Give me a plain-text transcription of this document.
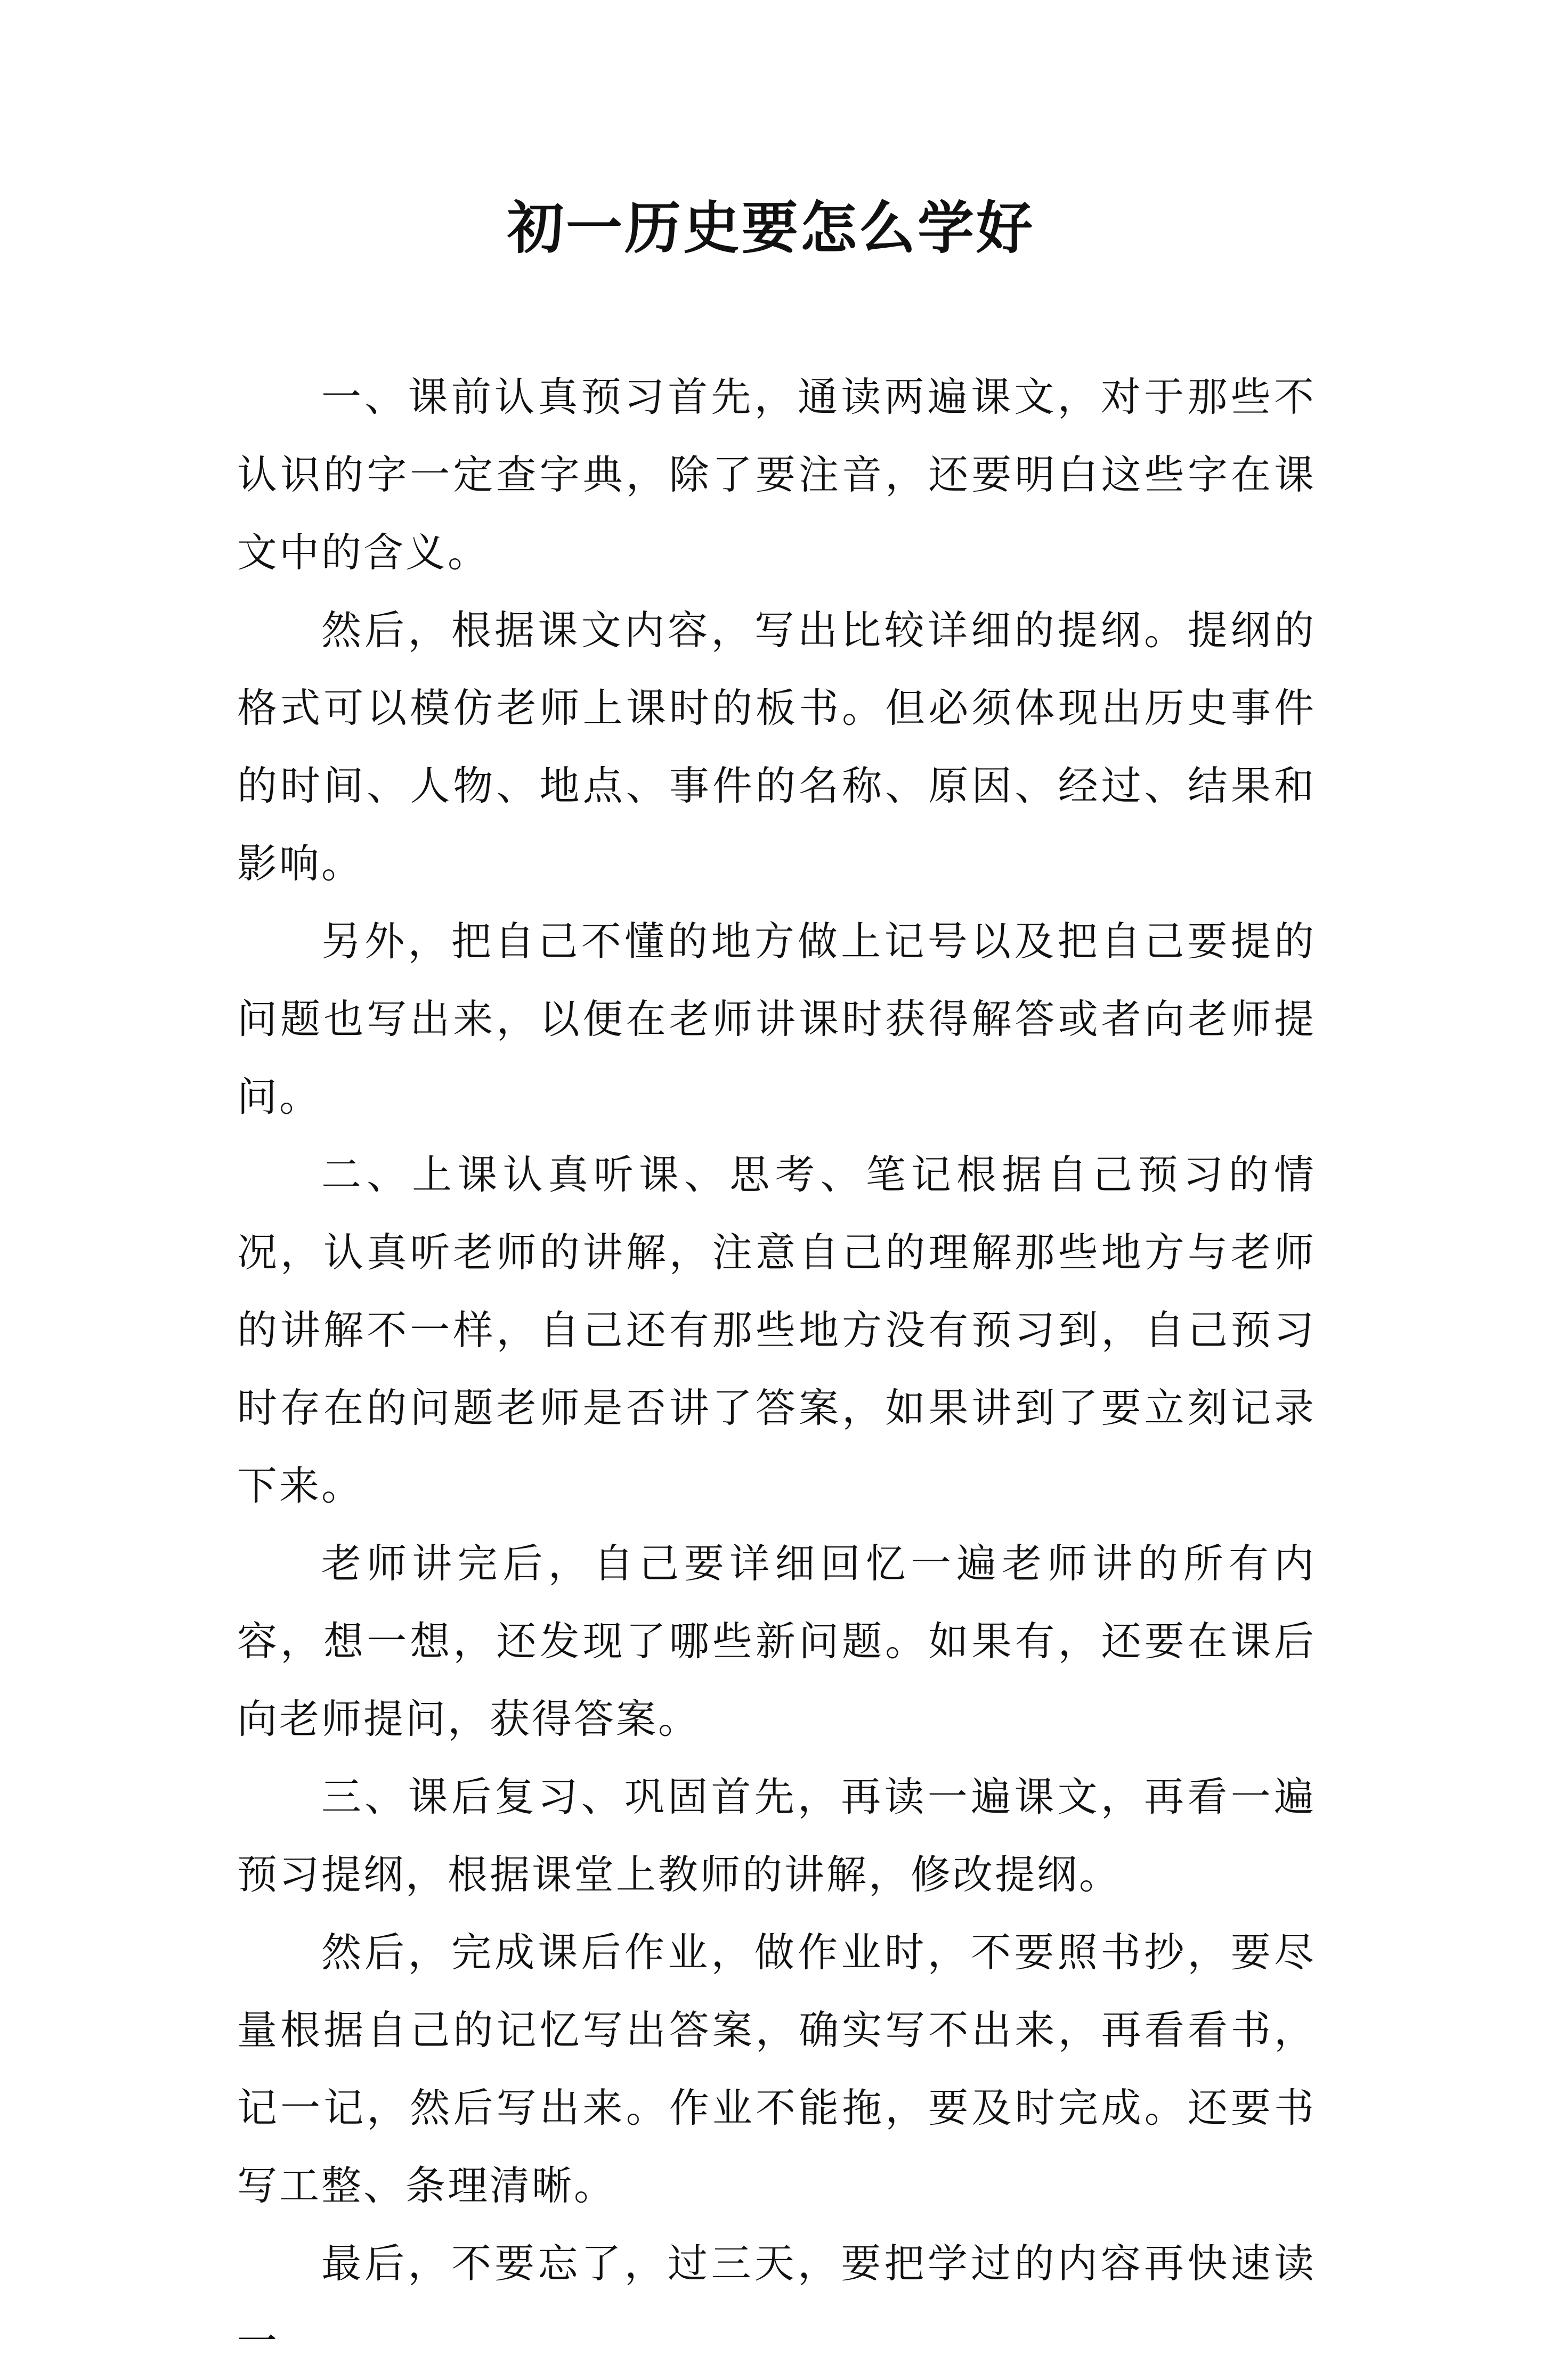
初一历史要怎么学好

一、课前认真预习首先，通读两遍课文，对于那些不认识的字一定查字典，除了要注音，还要明白这些字在课文中的含义。

然后，根据课文内容，写出比较详细的提纲。提纲的格式可以模仿老师上课时的板书。但必须体现出历史事件的时间、人物、地点、事件的名称、原因、经过、结果和影响。

另外，把自己不懂的地方做上记号以及把自己要提的问题也写出来，以便在老师讲课时获得解答或者向老师提问。

二、上课认真听课、思考、笔记根据自己预习的情况，认真听老师的讲解，注意自己的理解那些地方与老师的讲解不一样，自己还有那些地方没有预习到，自己预习时存在的问题老师是否讲了答案，如果讲到了要立刻记录下来。

老师讲完后，自己要详细回忆一遍老师讲的所有内容，想一想，还发现了哪些新问题。如果有，还要在课后向老师提问，获得答案。

三、课后复习、巩固首先，再读一遍课文，再看一遍预习提纲，根据课堂上教师的讲解，修改提纲。

然后，完成课后作业，做作业时，不要照书抄，要尽量根据自己的记忆写出答案，确实写不出来，再看看书，记一记，然后写出来。作业不能拖，要及时完成。还要书写工整、条理清晰。

最后，不要忘了，过三天，要把学过的内容再快速读一
